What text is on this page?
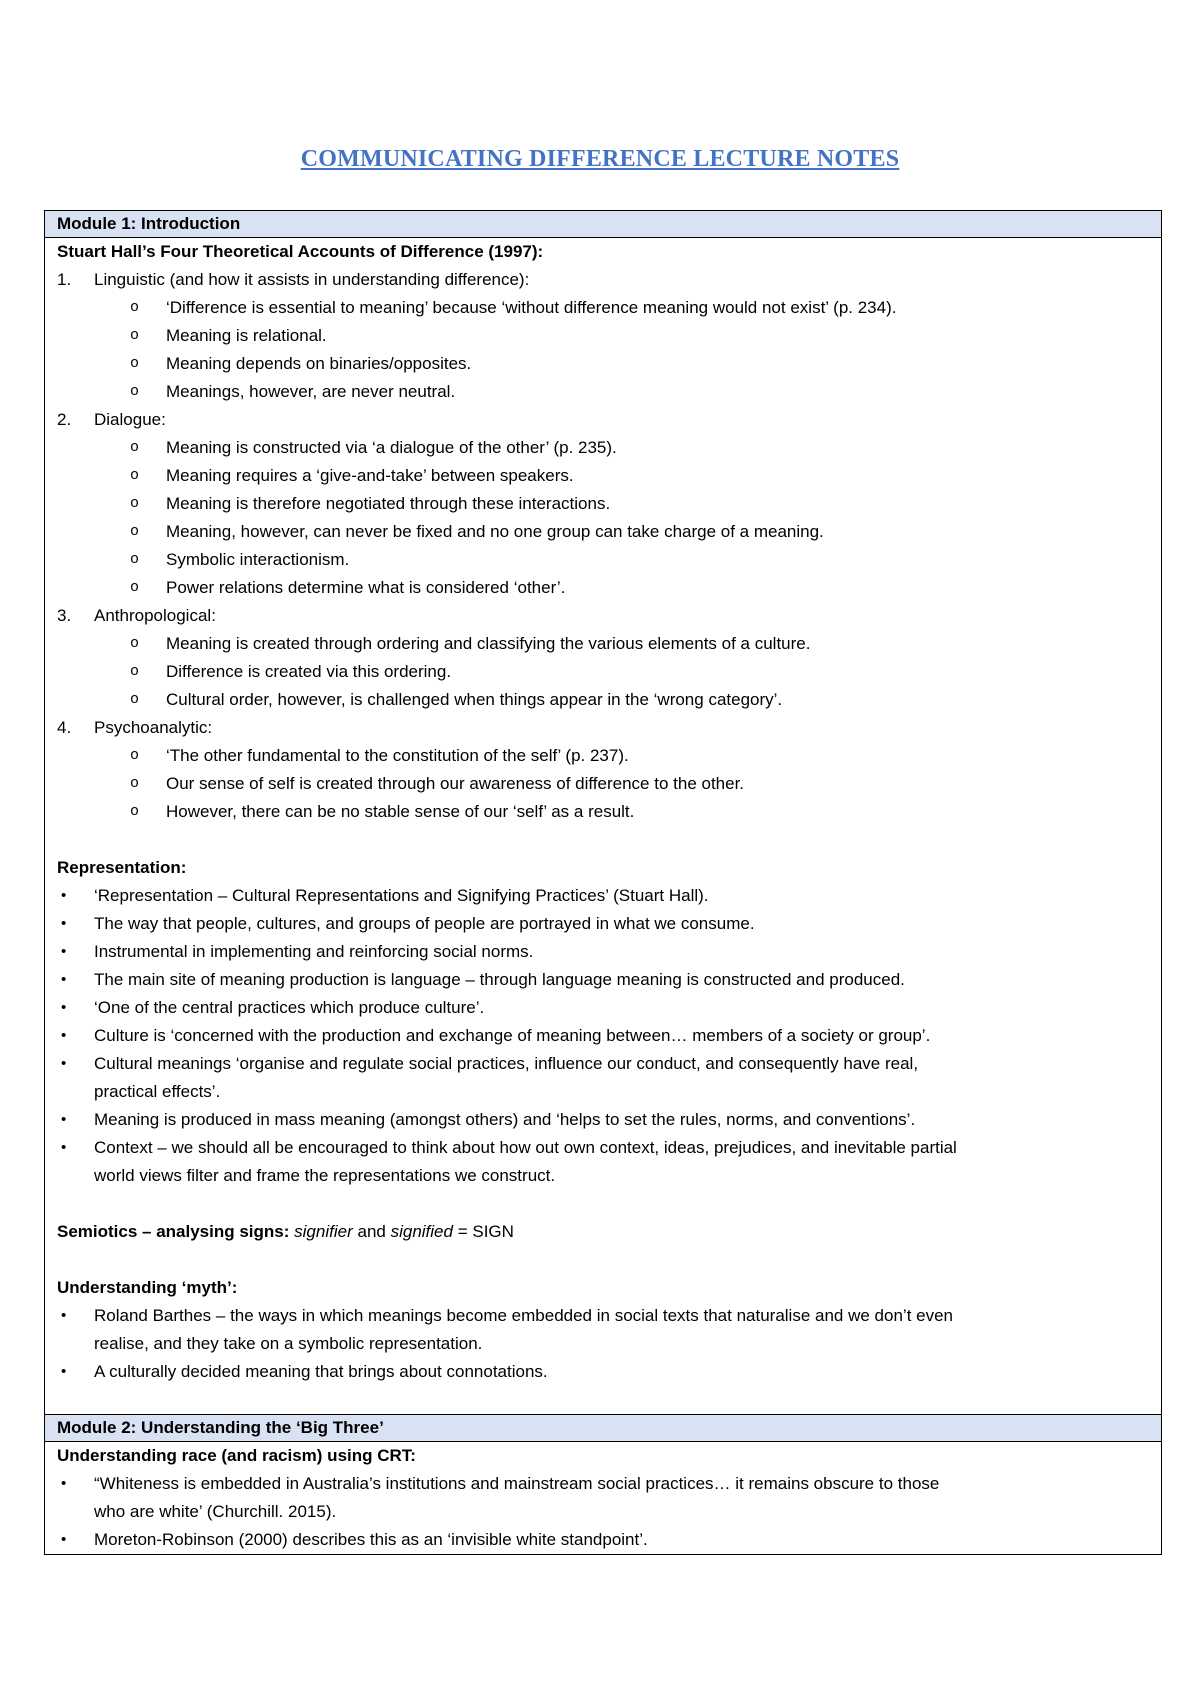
COMMUNICATING DIFFERENCE LECTURE NOTES
Module 1: Introduction
Stuart Hall’s Four Theoretical Accounts of Difference (1997):
1. Linguistic (and how it assists in understanding difference):
o ‘Difference is essential to meaning’ because ‘without difference meaning would not exist’ (p. 234).
o Meaning is relational.
o Meaning depends on binaries/opposites.
o Meanings, however, are never neutral.
2. Dialogue:
o Meaning is constructed via ‘a dialogue of the other’ (p. 235).
o Meaning requires a ‘give-and-take’ between speakers.
o Meaning is therefore negotiated through these interactions.
o Meaning, however, can never be fixed and no one group can take charge of a meaning.
o Symbolic interactionism.
o Power relations determine what is considered ‘other’.
3. Anthropological:
o Meaning is created through ordering and classifying the various elements of a culture.
o Difference is created via this ordering.
o Cultural order, however, is challenged when things appear in the ‘wrong category’.
4. Psychoanalytic:
o ‘The other fundamental to the constitution of the self’ (p. 237).
o Our sense of self is created through our awareness of difference to the other.
o However, there can be no stable sense of our ‘self’ as a result.
Representation:
• ‘Representation – Cultural Representations and Signifying Practices’ (Stuart Hall).
• The way that people, cultures, and groups of people are portrayed in what we consume.
• Instrumental in implementing and reinforcing social norms.
• The main site of meaning production is language – through language meaning is constructed and produced.
• ‘One of the central practices which produce culture’.
• Culture is ‘concerned with the production and exchange of meaning between… members of a society or group’.
• Cultural meanings ‘organise and regulate social practices, influence our conduct, and consequently have real,
practical effects’.
• Meaning is produced in mass meaning (amongst others) and ‘helps to set the rules, norms, and conventions’.
• Context – we should all be encouraged to think about how out own context, ideas, prejudices, and inevitable partial
world views filter and frame the representations we construct.
Semiotics – analysing signs: signifier and signified = SIGN
Understanding ‘myth’:
• Roland Barthes – the ways in which meanings become embedded in social texts that naturalise and we don’t even
realise, and they take on a symbolic representation.
• A culturally decided meaning that brings about connotations.
Module 2: Understanding the ‘Big Three’
Understanding race (and racism) using CRT:
• “Whiteness is embedded in Australia’s institutions and mainstream social practices… it remains obscure to those
who are white’ (Churchill. 2015).
• Moreton-Robinson (2000) describes this as an ‘invisible white standpoint’.
